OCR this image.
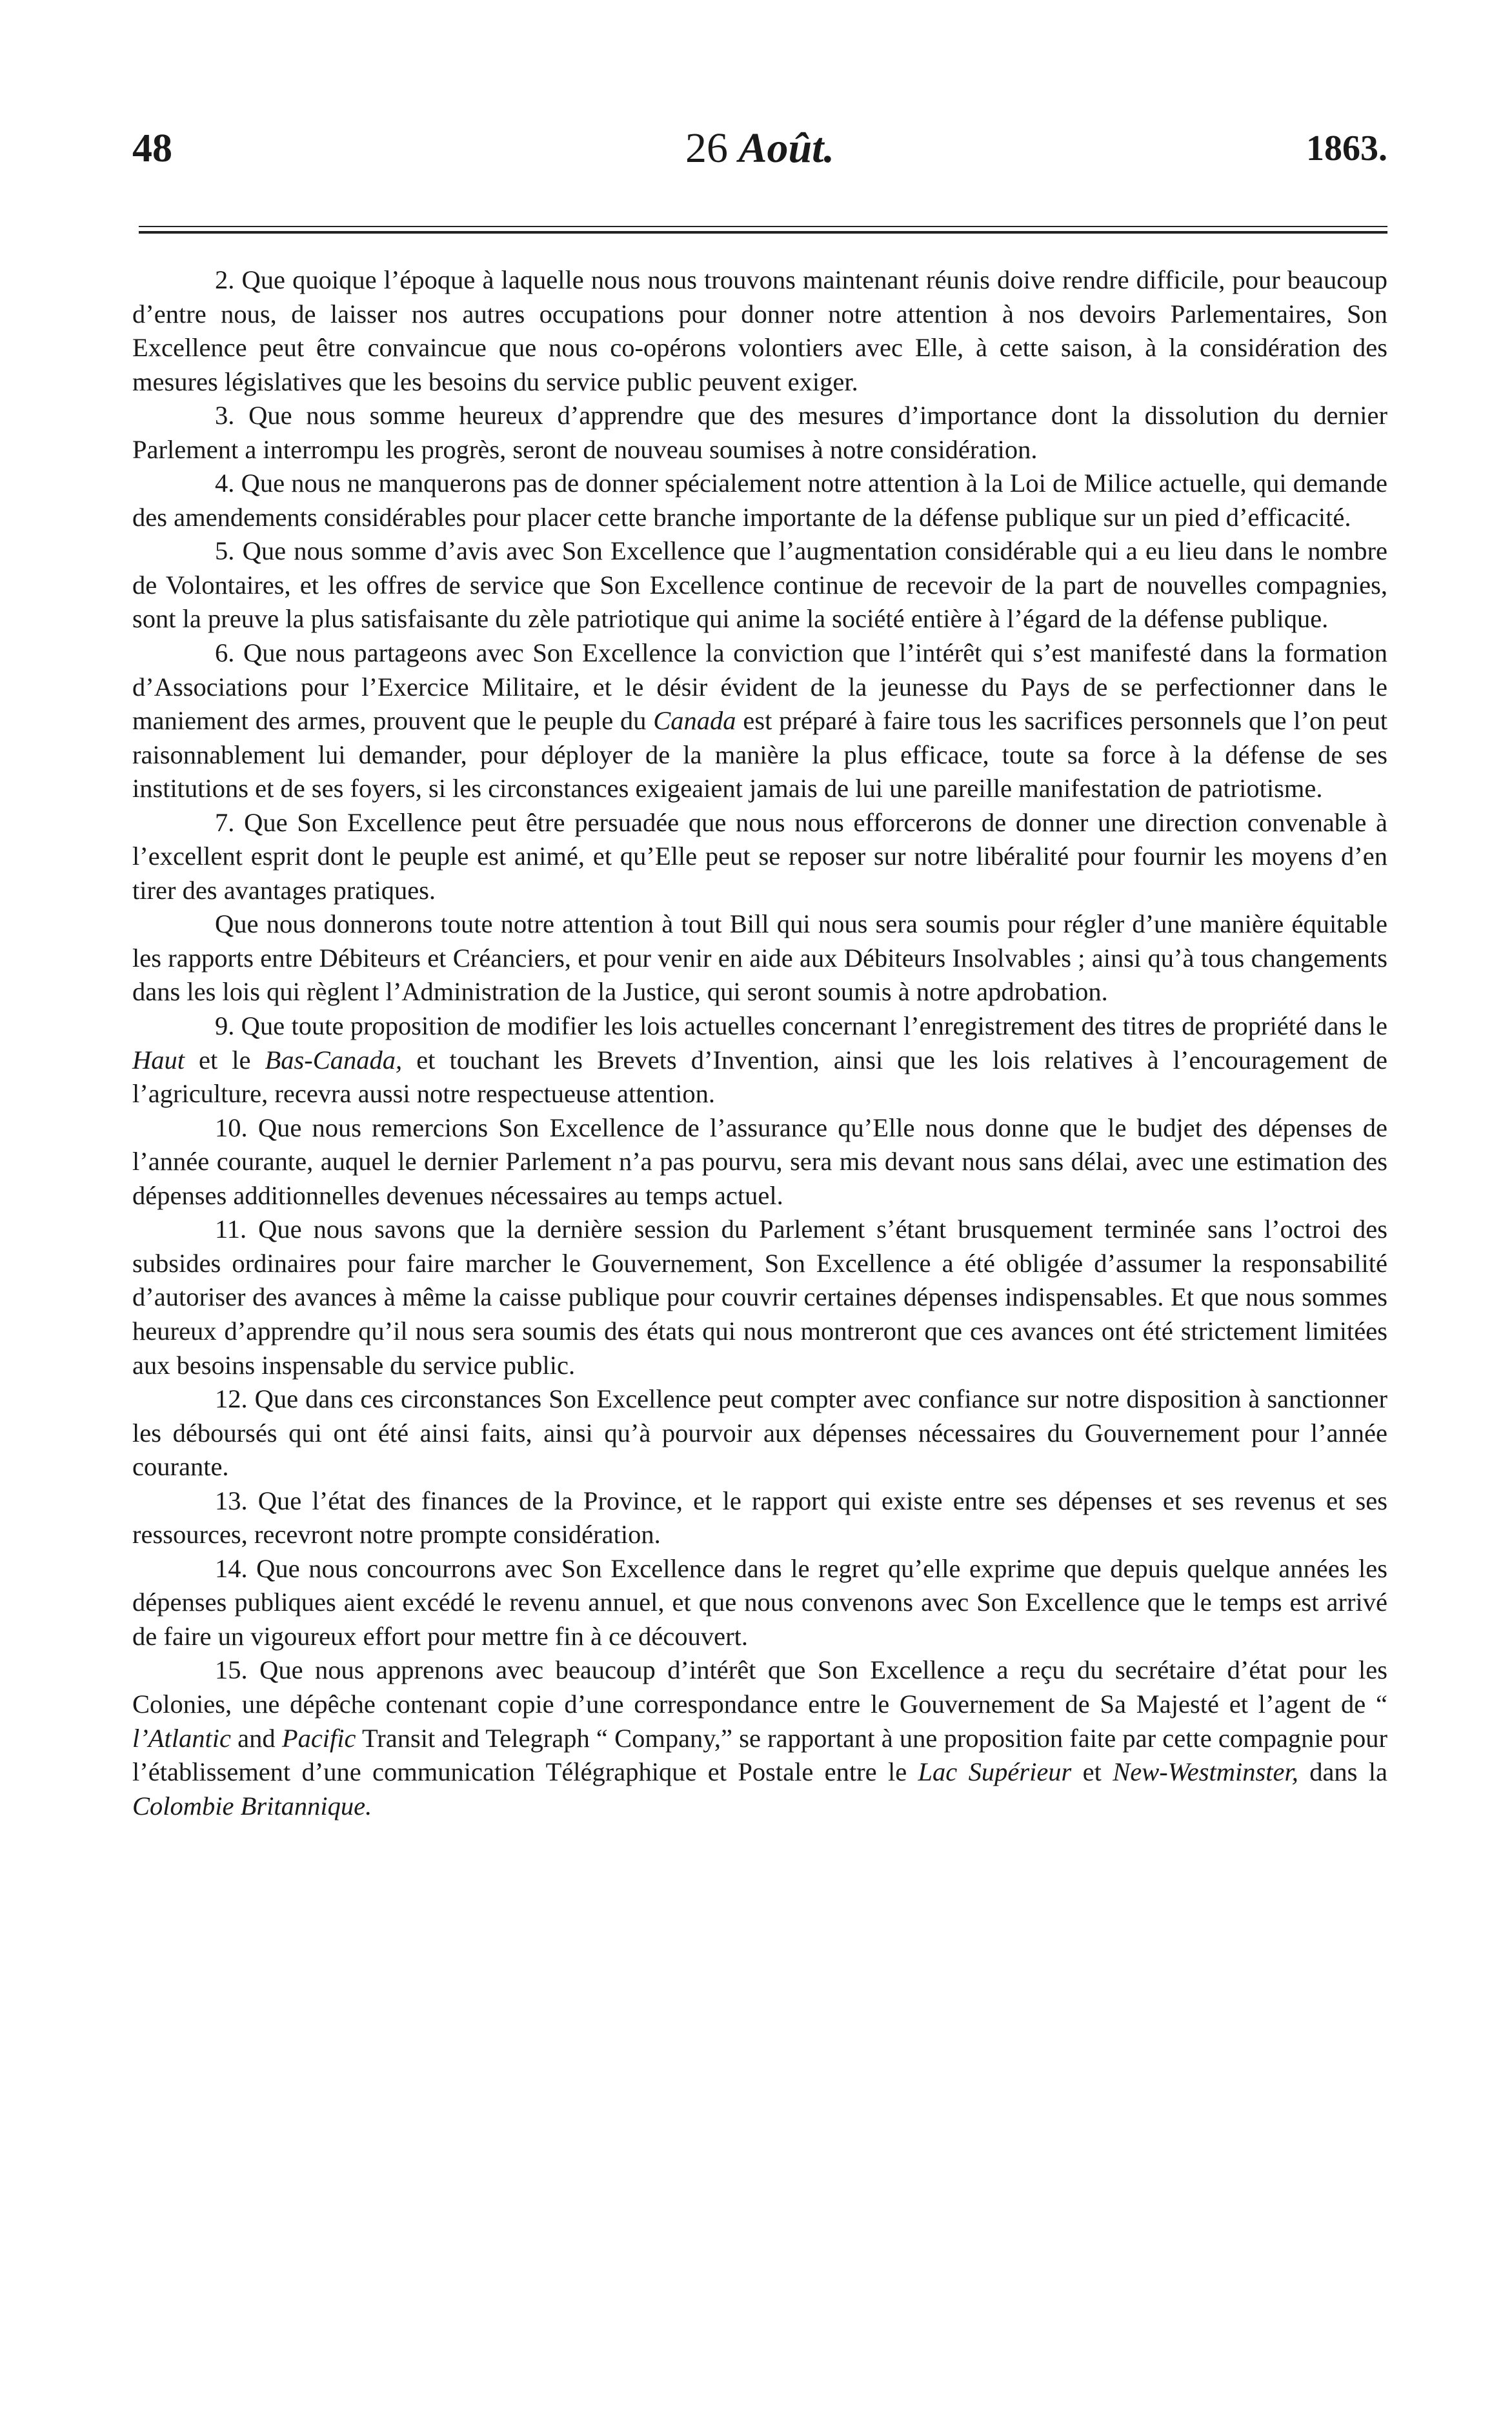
48	26 Août.	1863.

2. Que quoique l’époque à laquelle nous nous trouvons maintenant réunis doive rendre difficile, pour beaucoup d’entre nous, de laisser nos autres occupations pour donner notre attention à nos devoirs Parlementaires, Son Excellence peut être convaincue que nous co-opérons volontiers avec Elle, à cette saison, à la considération des mesures législatives que les besoins du service public peuvent exiger.

3. Que nous somme heureux d’apprendre que des mesures d’importance dont la dissolution du dernier Parlement a interrompu les progrès, seront de nouveau soumises à notre considération.

4. Que nous ne manquerons pas de donner spécialement notre attention à la Loi de Milice actuelle, qui demande des amendements considérables pour placer cette branche importante de la défense publique sur un pied d’efficacité.

5. Que nous somme d’avis avec Son Excellence que l’augmentation considérable qui a eu lieu dans le nombre de Volontaires, et les offres de service que Son Excellence continue de recevoir de la part de nouvelles compagnies, sont la preuve la plus satisfaisante du zèle patriotique qui anime la société entière à l’égard de la défense publique.

6. Que nous partageons avec Son Excellence la conviction que l’intérêt qui s’est manifesté dans la formation d’Associations pour l’Exercice Militaire, et le désir évident de la jeunesse du Pays de se perfectionner dans le maniement des armes, prouvent que le peuple du Canada est préparé à faire tous les sacrifices personnels que l’on peut raisonnablement lui demander, pour déployer de la manière la plus efficace, toute sa force à la défense de ses institutions et de ses foyers, si les circonstances exigeaient jamais de lui une pareille manifestation de patriotisme.

7. Que Son Excellence peut être persuadée que nous nous efforcerons de donner une direction convenable à l’excellent esprit dont le peuple est animé, et qu’Elle peut se reposer sur notre libéralité pour fournir les moyens d’en tirer des avantages pratiques.

Que nous donnerons toute notre attention à tout Bill qui nous sera soumis pour régler d’une manière équitable les rapports entre Débiteurs et Créanciers, et pour venir en aide aux Débiteurs Insolvables ; ainsi qu’à tous changements dans les lois qui règlent l’Administration de la Justice, qui seront soumis à notre apdrobation.

9. Que toute proposition de modifier les lois actuelles concernant l’enregistrement des titres de propriété dans le Haut et le Bas-Canada, et touchant les Brevets d’Invention, ainsi que les lois relatives à l’encouragement de l’agriculture, recevra aussi notre respectueuse attention.

10. Que nous remercions Son Excellence de l’assurance qu’Elle nous donne que le budjet des dépenses de l’année courante, auquel le dernier Parlement n’a pas pourvu, sera mis devant nous sans délai, avec une estimation des dépenses additionnelles devenues nécessaires au temps actuel.

11. Que nous savons que la dernière session du Parlement s’étant brusquement terminée sans l’octroi des subsides ordinaires pour faire marcher le Gouvernement, Son Excellence a été obligée d’assumer la responsabilité d’autoriser des avances à même la caisse publique pour couvrir certaines dépenses indispensables. Et que nous sommes heureux d’apprendre qu’il nous sera soumis des états qui nous montreront que ces avances ont été strictement limitées aux besoins inspensable du service public.

12. Que dans ces circonstances Son Excellence peut compter avec confiance sur notre disposition à sanctionner les déboursés qui ont été ainsi faits, ainsi qu’à pourvoir aux dépenses nécessaires du Gouvernement pour l’année courante.

13. Que l’état des finances de la Province, et le rapport qui existe entre ses dépenses et ses revenus et ses ressources, recevront notre prompte considération.

14. Que nous concourrons avec Son Excellence dans le regret qu’elle exprime que depuis quelque années les dépenses publiques aient excédé le revenu annuel, et que nous convenons avec Son Excellence que le temps est arrivé de faire un vigoureux effort pour mettre fin à ce découvert.

15. Que nous apprenons avec beaucoup d’intérêt que Son Excellence a reçu du secrétaire d’état pour les Colonies, une dépêche contenant copie d’une correspondance entre le Gouvernement de Sa Majesté et l’agent de “ l’Atlantic and Pacific Transit and Telegraph “ Company,” se rapportant à une proposition faite par cette compagnie pour l’établissement d’une communication Télégraphique et Postale entre le Lac Supérieur et New-Westminster, dans la Colombie Britannique.
